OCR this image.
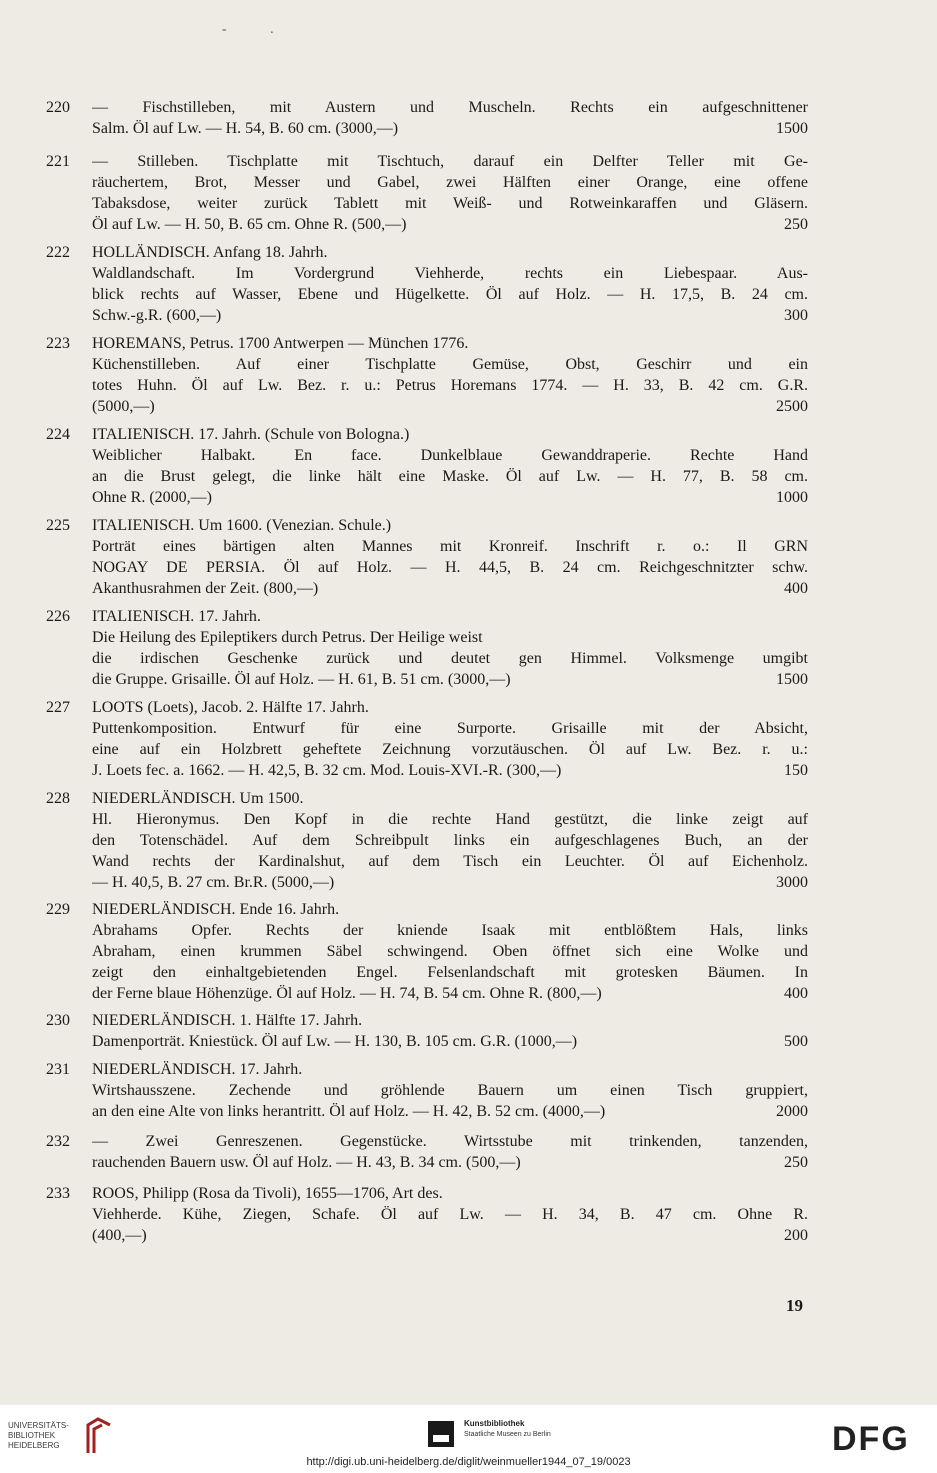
- .
220	— Fischstilleben, mit Austern und Muscheln. Rechts ein aufgeschnittener
Salm. Öl auf Lw. — H. 54, B. 60 cm. (3000,—)	1500
221	— Stilleben. Tischplatte mit Tischtuch, darauf ein Delfter Teller mit Ge-
räuchertem, Brot, Messer und Gabel, zwei Hälften einer Orange, eine offene
Tabaksdose, weiter zurück Tablett mit Weiß- und Rotweinkaraffen und Gläsern.
Öl auf Lw. — H. 50, B. 65 cm. Ohne R. (500,—)	250
222	HOLLÄNDISCH. Anfang 18. Jahrh.
Waldlandschaft. Im Vordergrund Viehherde, rechts ein Liebespaar. Aus-
blick rechts auf Wasser, Ebene und Hügelkette. Öl auf Holz. — H. 17,5, B. 24 cm.
Schw.-g.R. (600,—)	300
223	HOREMANS, Petrus. 1700 Antwerpen — München 1776.
Küchenstilleben. Auf einer Tischplatte Gemüse, Obst, Geschirr und ein
totes Huhn. Öl auf Lw. Bez. r. u.: Petrus Horemans 1774. — H. 33, B. 42 cm. G.R.
(5000,—)	2500
224	ITALIENISCH. 17. Jahrh. (Schule von Bologna.)
Weiblicher Halbakt. En face. Dunkelblaue Gewanddraperie. Rechte Hand
an die Brust gelegt, die linke hält eine Maske. Öl auf Lw. — H. 77, B. 58 cm.
Ohne R. (2000,—)	1000
225	ITALIENISCH. Um 1600. (Venezian. Schule.)
Porträt eines bärtigen alten Mannes mit Kronreif. Inschrift r. o.: Il GRN
NOGAY DE PERSIA. Öl auf Holz. — H. 44,5, B. 24 cm. Reichgeschnitzter schw.
Akanthusrahmen der Zeit. (800,—)	400
226	ITALIENISCH. 17. Jahrh.
Die Heilung des Epileptikers durch Petrus. Der Heilige weist
die irdischen Geschenke zurück und deutet gen Himmel. Volksmenge umgibt
die Gruppe. Grisaille. Öl auf Holz. — H. 61, B. 51 cm. (3000,—)	1500
227	LOOTS (Loets), Jacob. 2. Hälfte 17. Jahrh.
Puttenkomposition. Entwurf für eine Surporte. Grisaille mit der Absicht,
eine auf ein Holzbrett geheftete Zeichnung vorzutäuschen. Öl auf Lw. Bez. r. u.:
J. Loets fec. a. 1662. — H. 42,5, B. 32 cm. Mod. Louis-XVI.-R. (300,—)	150
228	NIEDERLÄNDISCH. Um 1500.
Hl. Hieronymus. Den Kopf in die rechte Hand gestützt, die linke zeigt auf
den Totenschädel. Auf dem Schreibpult links ein aufgeschlagenes Buch, an der
Wand rechts der Kardinalshut, auf dem Tisch ein Leuchter. Öl auf Eichenholz.
— H. 40,5, B. 27 cm. Br.R. (5000,—)	3000
229	NIEDERLÄNDISCH. Ende 16. Jahrh.
Abrahams Opfer. Rechts der kniende Isaak mit entblößtem Hals, links
Abraham, einen krummen Säbel schwingend. Oben öffnet sich eine Wolke und
zeigt den einhaltgebietenden Engel. Felsenlandschaft mit grotesken Bäumen. In
der Ferne blaue Höhenzüge. Öl auf Holz. — H. 74, B. 54 cm. Ohne R. (800,—)	400
230	NIEDERLÄNDISCH. 1. Hälfte 17. Jahrh.
Damenporträt. Kniestück. Öl auf Lw. — H. 130, B. 105 cm. G.R. (1000,—)	500
231	NIEDERLÄNDISCH. 17. Jahrh.
Wirtshausszene. Zechende und gröhlende Bauern um einen Tisch gruppiert,
an den eine Alte von links herantritt. Öl auf Holz. — H. 42, B. 52 cm. (4000,—)	2000
232	— Zwei Genreszenen. Gegenstücke. Wirtsstube mit trinkenden, tanzenden,
rauchenden Bauern usw. Öl auf Holz. — H. 43, B. 34 cm. (500,—)	250
233	ROOS, Philipp (Rosa da Tivoli), 1655—1706, Art des.
Viehherde. Kühe, Ziegen, Schafe. Öl auf Lw. — H. 34, B. 47 cm. Ohne R.
(400,—)	200
19
UNIVERSITÄTS-
BIBLIOTHEK
HEIDELBERG
Kunstbibliothek
Staatliche Museen zu Berlin	DFG
http://digi.ub.uni-heidelberg.de/diglit/weinmueller1944_07_19/0023
